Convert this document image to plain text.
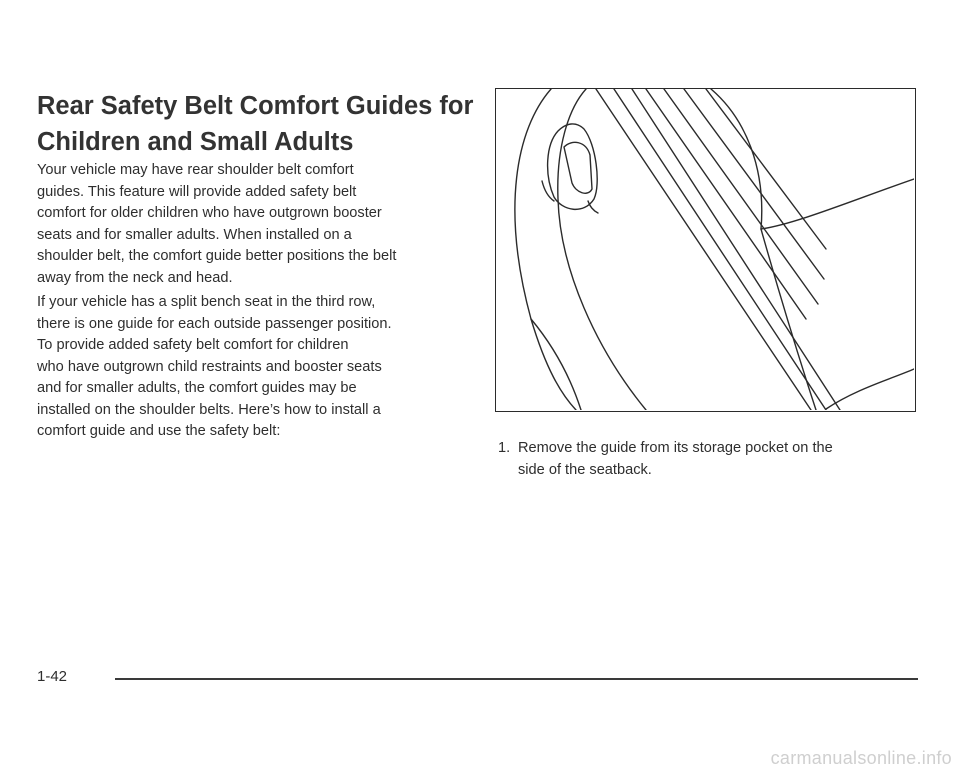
Rear Safety Belt Comfort Guides for
Children and Small Adults
Your vehicle may have rear shoulder belt comfort
guides. This feature will provide added safety belt
comfort for older children who have outgrown booster
seats and for smaller adults. When installed on a
shoulder belt, the comfort guide better positions the belt
away from the neck and head.
If your vehicle has a split bench seat in the third row,
there is one guide for each outside passenger position.
To provide added safety belt comfort for children
who have outgrown child restraints and booster seats
and for smaller adults, the comfort guides may be
installed on the shoulder belts. Here’s how to install a
comfort guide and use the safety belt:
1. Remove the guide from its storage pocket on the
side of the seatback.
1-42
carmanualsonline.info
